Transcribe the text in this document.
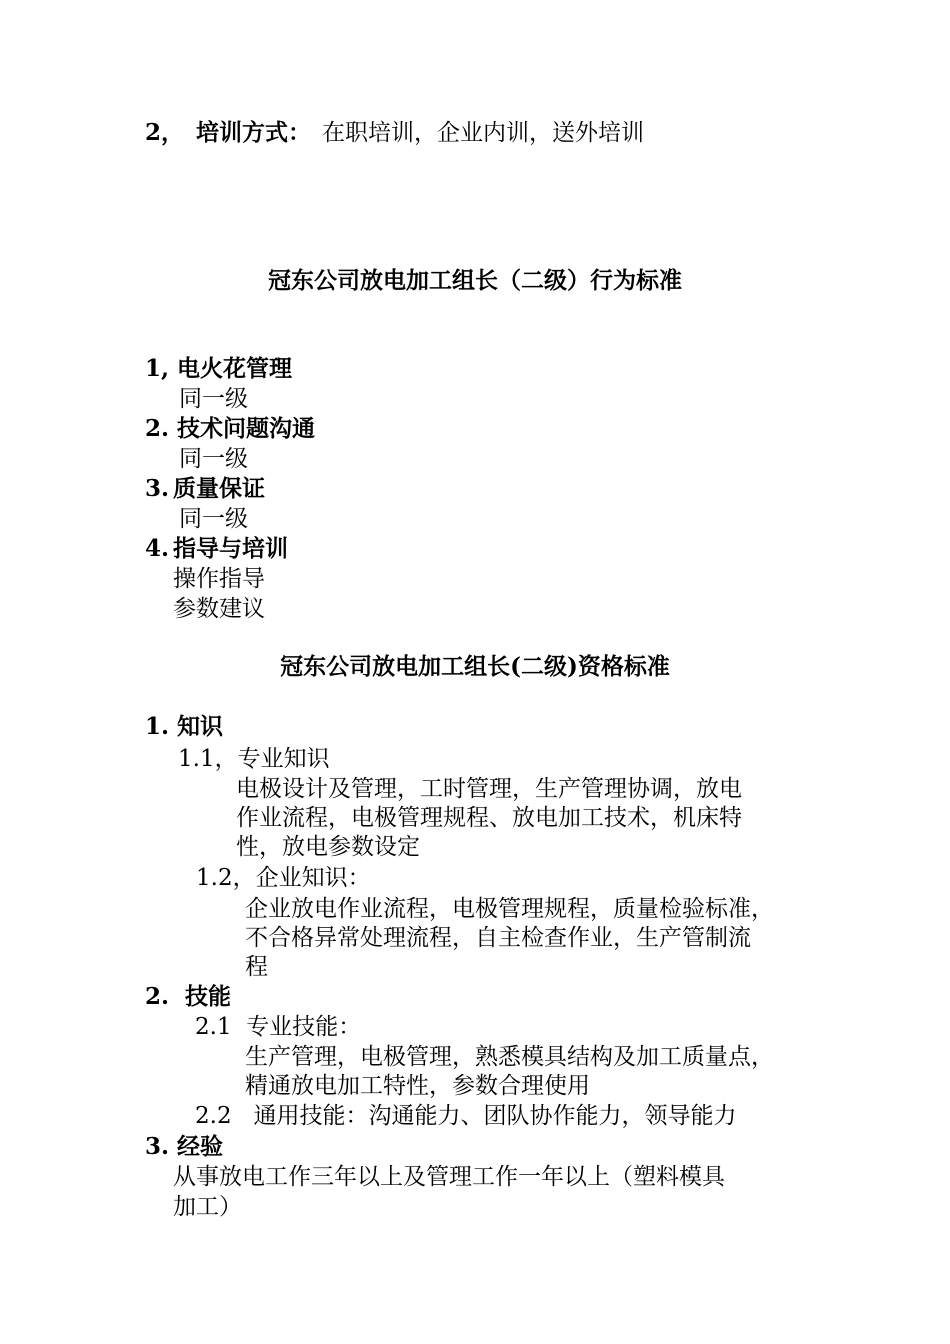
2， 培训方式： 在职培训，企业内训，送外培训
冠东公司放电加工组长（二级）行为标准
1, 电火花管理
同一级
2. 技术问题沟通
同一级
3. 质量保证
同一级
4. 指导与培训
操作指导
参数建议
冠东公司放电加工组长(二级)资格标准
1. 知识
1.1，专业知识
电极设计及管理，工时管理，生产管理协调，放电
作业流程，电极管理规程、放电加工技术，机床特
性，放电参数设定
1.2，企业知识：
企业放电作业流程，电极管理规程，质量检验标准，
不合格异常处理流程，自主检查作业，生产管制流
程
2.  技能
2.1  专业技能：
生产管理，电极管理，熟悉模具结构及加工质量点，
精通放电加工特性，参数合理使用
2.2   通用技能：沟通能力、团队协作能力，领导能力
3. 经验
从事放电工作三年以上及管理工作一年以上（塑料模具
加工）
